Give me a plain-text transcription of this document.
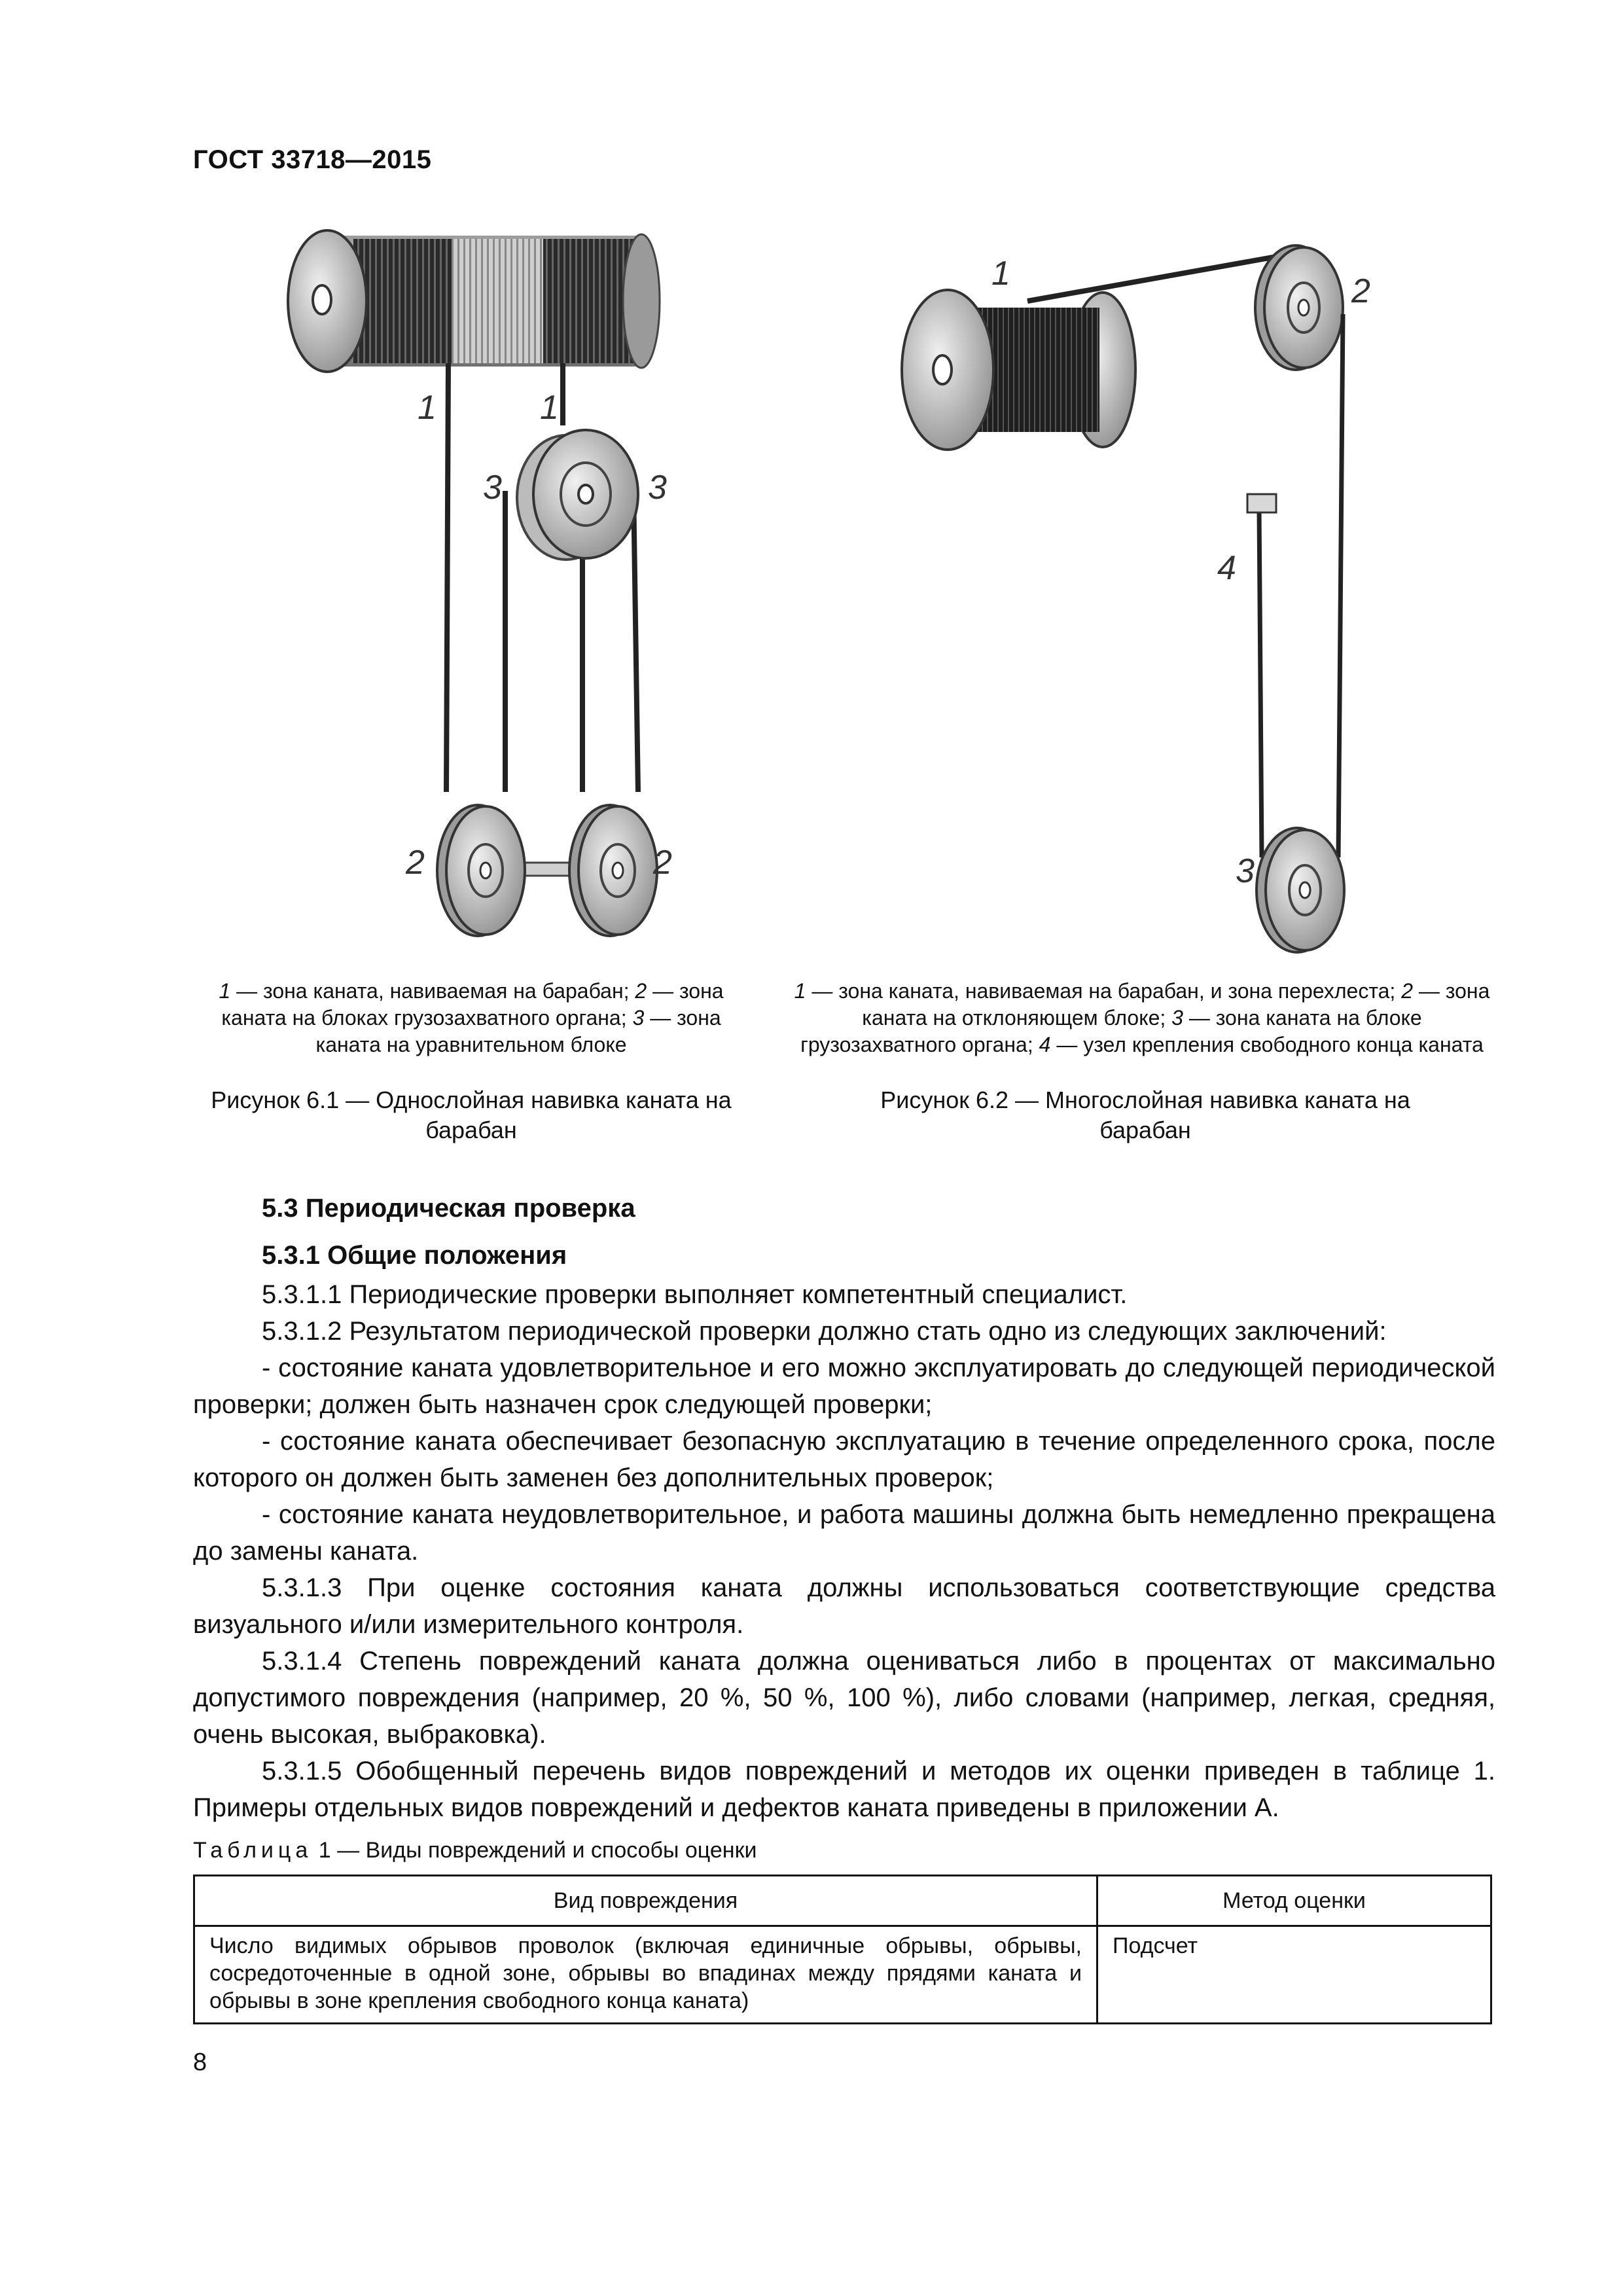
ГОСТ 33718—2015
1	1
3	3
2	2
1	2
4
3
1 — зона каната, навиваемая на барабан; 2 — зона каната на блоках грузозахватного органа; 3 — зона каната на уравнительном блоке
1 — зона каната, навиваемая на барабан, и зона перехлеста; 2 — зона каната на отклоняющем блоке; 3 — зона каната на блоке грузозахватного органа; 4 — узел крепления свободного конца каната
Рисунок 6.1 — Однослойная навивка каната на барабан
Рисунок 6.2 — Многослойная навивка каната на барабан
5.3 Периодическая проверка
5.3.1 Общие положения

5.3.1.1 Периодические проверки выполняет компетентный специалист.

5.3.1.2 Результатом периодической проверки должно стать одно из следующих заключений:

- состояние каната удовлетворительное и его можно эксплуатировать до следующей периодической проверки; должен быть назначен срок следующей проверки;

- состояние каната обеспечивает безопасную эксплуатацию в течение определенного срока, после которого он должен быть заменен без дополнительных проверок;

- состояние каната неудовлетворительное, и работа машины должна быть немедленно прекращена до замены каната.

5.3.1.3 При оценке состояния каната должны использоваться соответствующие средства визуального и/или измерительного контроля.

5.3.1.4 Степень повреждений каната должна оцениваться либо в процентах от максимально допустимого повреждения (например, 20 %, 50 %, 100 %), либо словами (например, легкая, средняя, очень высокая, выбраковка).

5.3.1.5 Обобщенный перечень видов повреждений и методов их оценки приведен в таблице 1. Примеры отдельных видов повреждений и дефектов каната приведены в приложении А.

Таблица 1 — Виды повреждений и способы оценки
Вид повреждения	Метод оценки
Число видимых обрывов проволок (включая единичные обрывы, обрывы, сосредоточенные в одной зоне, обрывы во впадинах между прядями каната и обрывы в зоне крепления свободного конца каната)	Подсчет
8
